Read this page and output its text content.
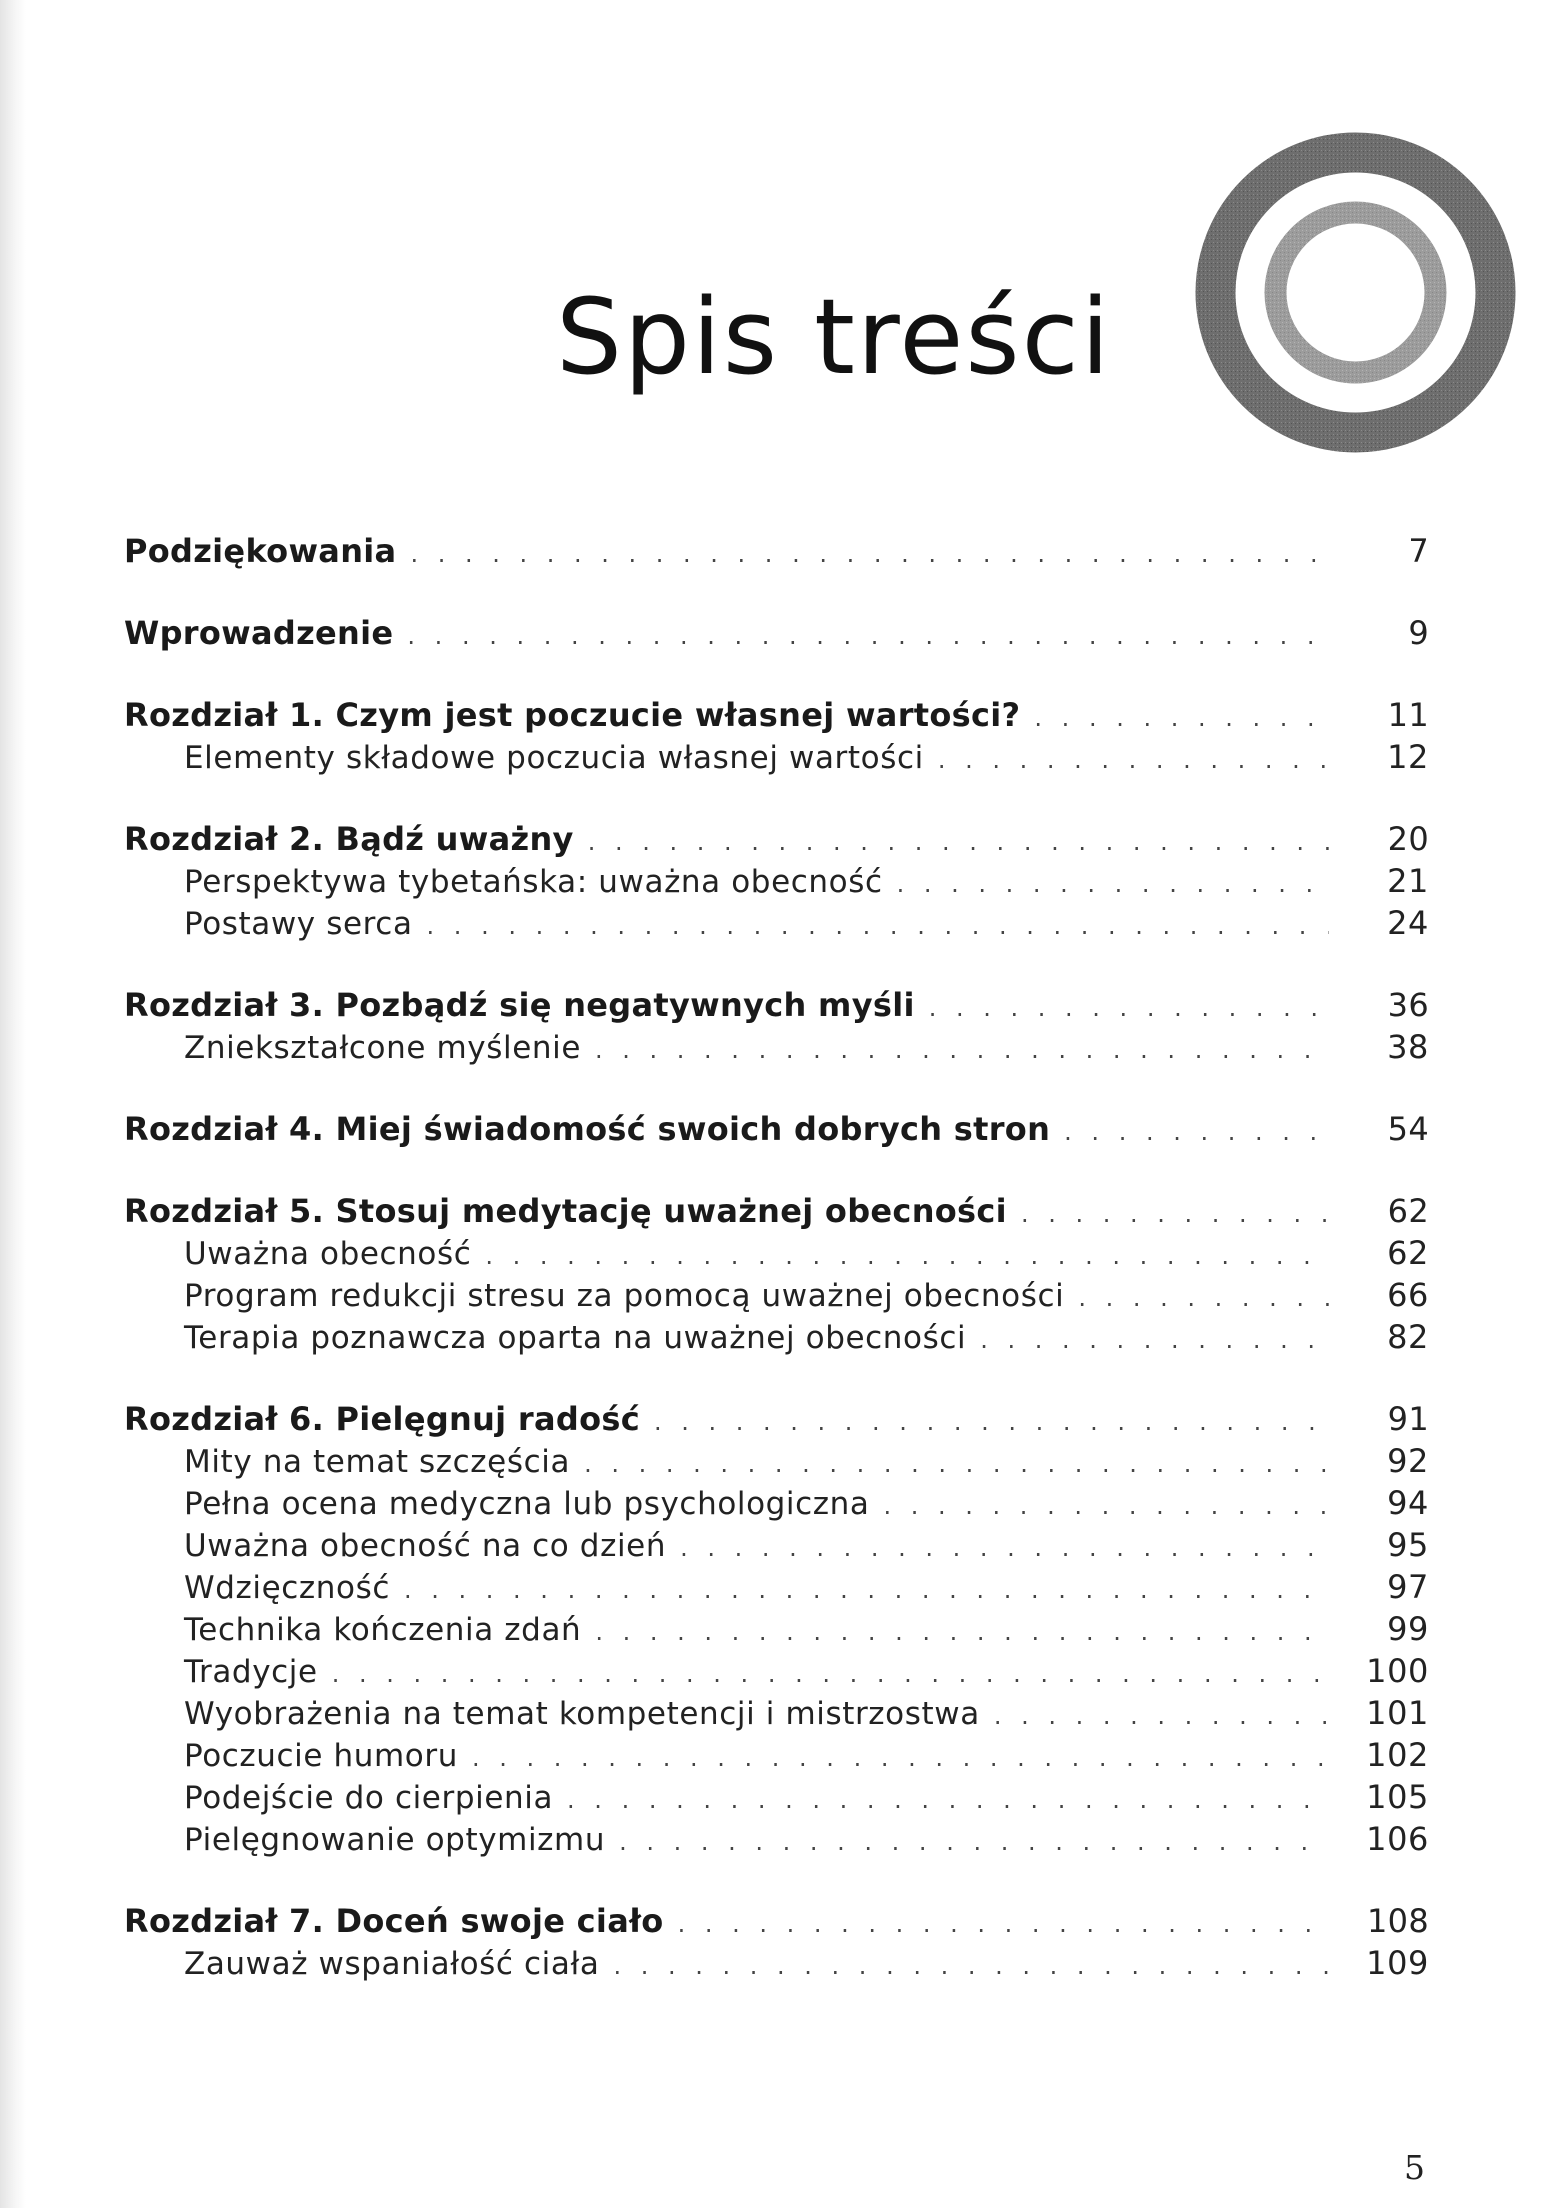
Spis treści
Podziękowania . . .	7
Wprowadzenie . . .	9
Rozdział 1. Czym jest poczucie własnej wartości? . . .	11
Elementy składowe poczucia własnej wartości . . .	12
Rozdział 2. Bądź uważny . . .	20
Perspektywa tybetańska: uważna obecność . . .	21
Postawy serca . . .	24
Rozdział 3. Pozbądź się negatywnych myśli . . .	36
Zniekształcone myślenie . . .	38
Rozdział 4. Miej świadomość swoich dobrych stron . . .	54
Rozdział 5. Stosuj medytację uważnej obecności . . .	62
Uważna obecność . . .	62
Program redukcji stresu za pomocą uważnej obecności . . .	66
Terapia poznawcza oparta na uważnej obecności . . .	82
Rozdział 6. Pielęgnuj radość . . .	91
Mity na temat szczęścia . . .	92
Pełna ocena medyczna lub psychologiczna . . .	94
Uważna obecność na co dzień . . .	95
Wdzięczność . . .	97
Technika kończenia zdań . . .	99
Tradycje . . .	100
Wyobrażenia na temat kompetencji i mistrzostwa . . .	101
Poczucie humoru . . .	102
Podejście do cierpienia . . .	105
Pielęgnowanie optymizmu . . .	106
Rozdział 7. Doceń swoje ciało . . .	108
Zauważ wspaniałość ciała . . .	109
5
